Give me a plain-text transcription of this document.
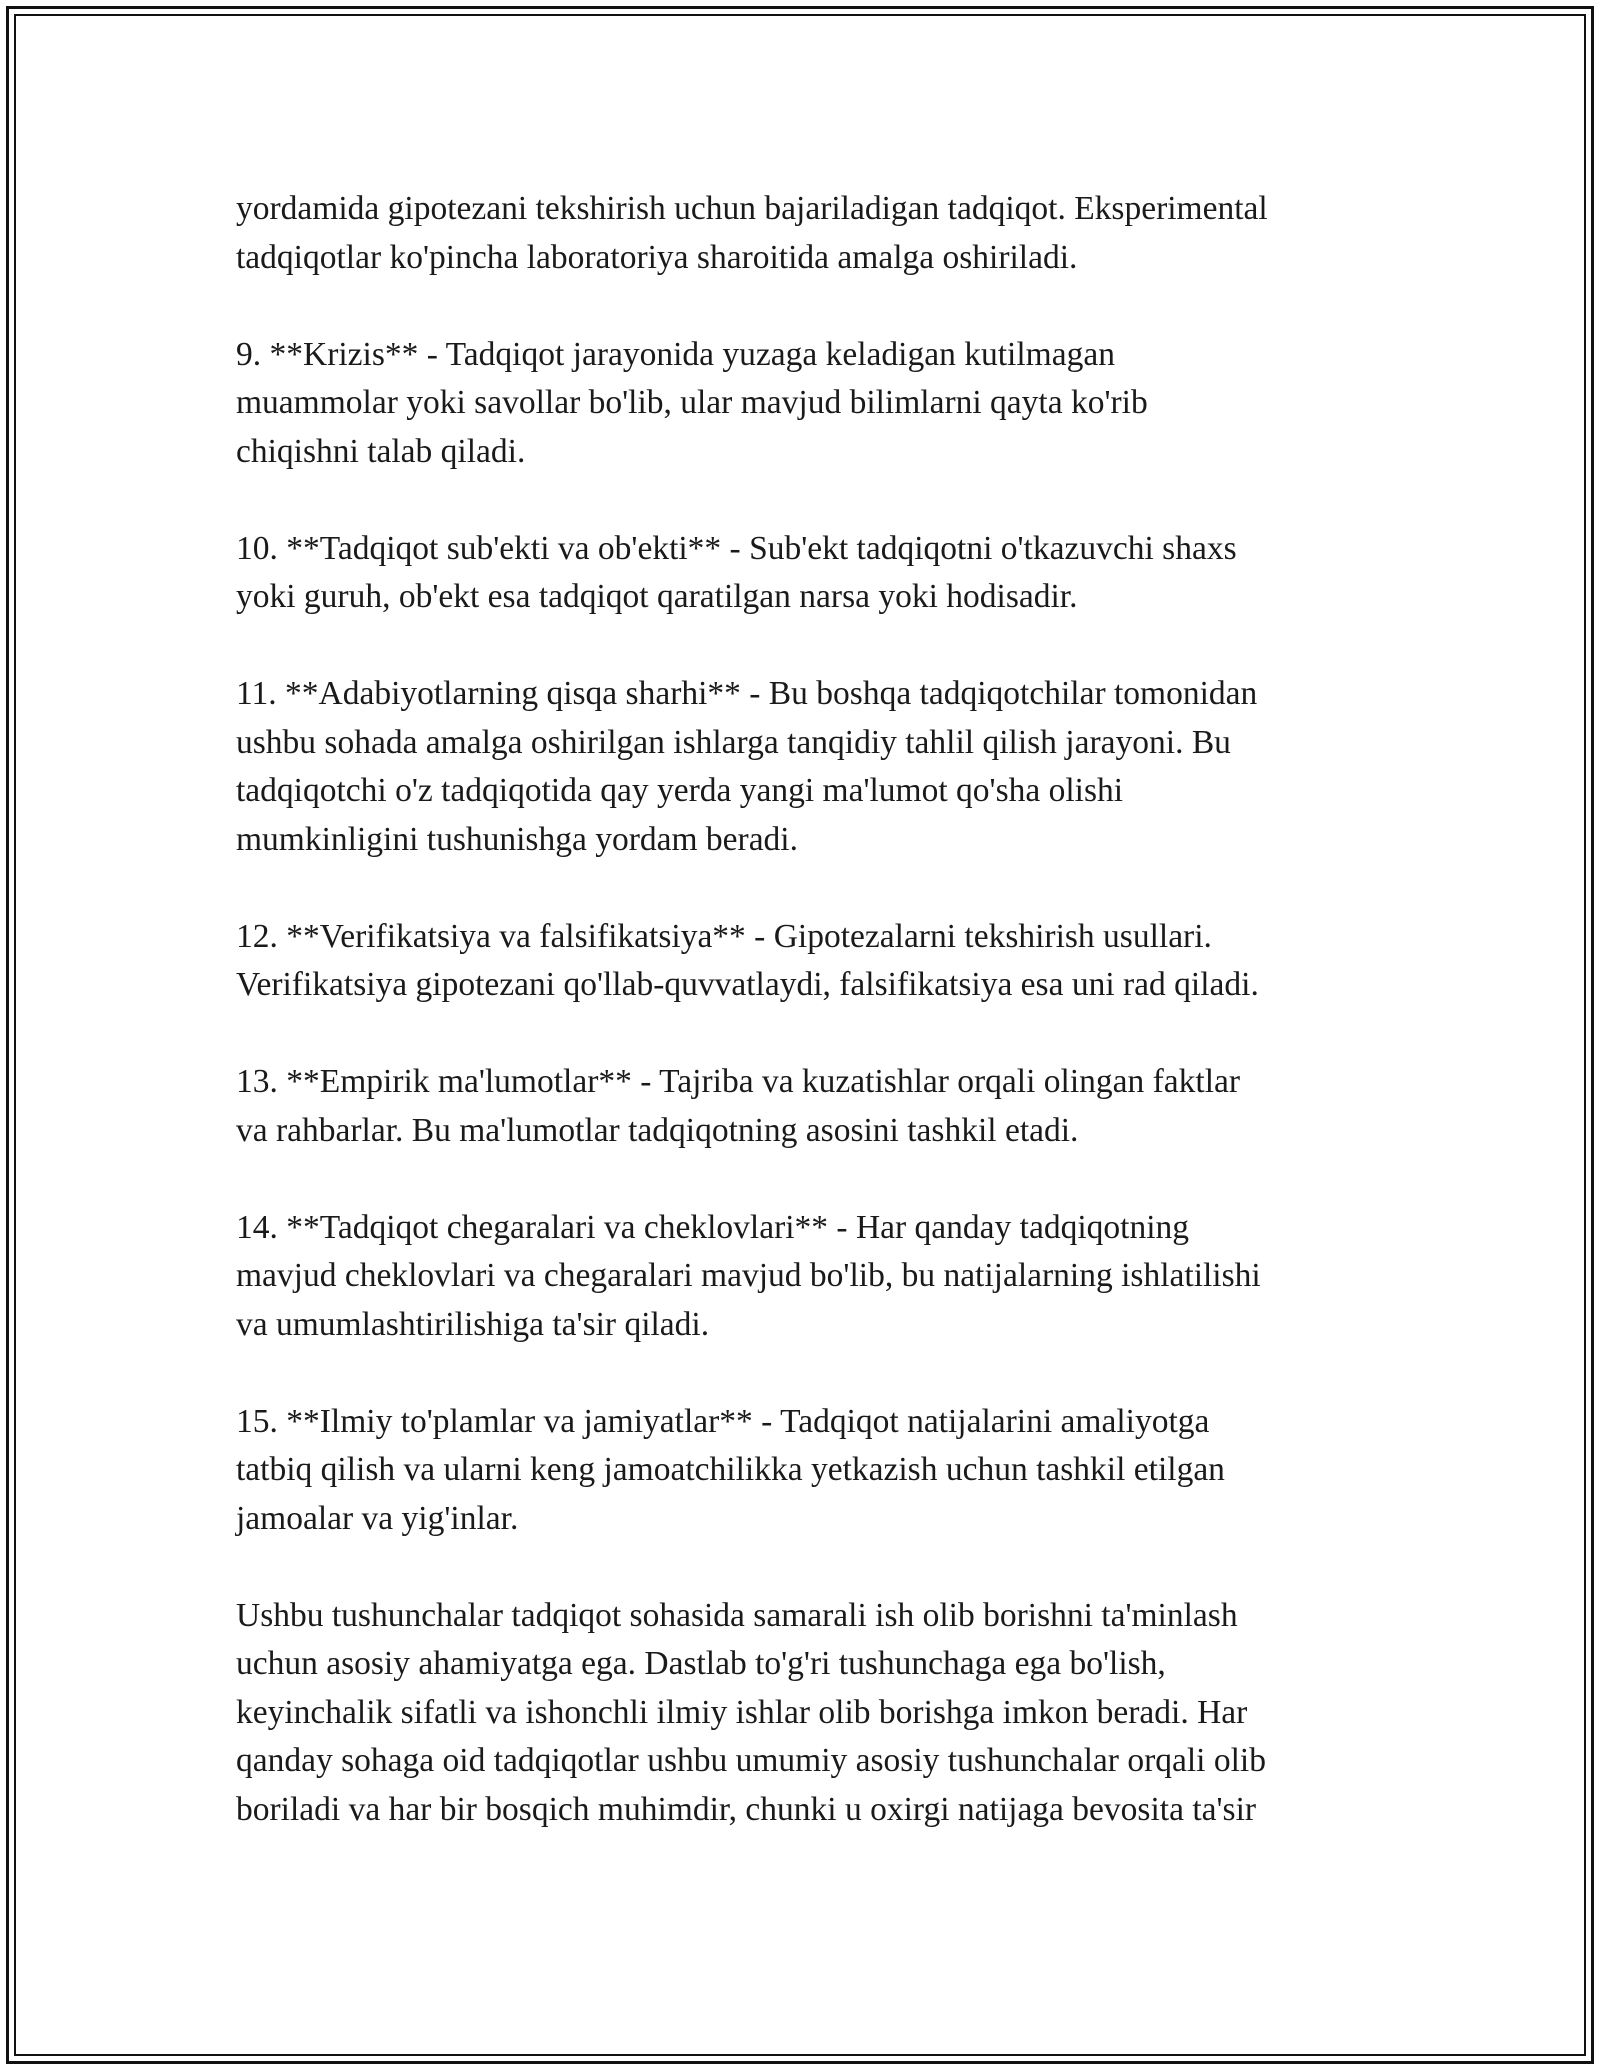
yordamida gipotezani tekshirish uchun bajariladigan tadqiqot. Eksperimental
tadqiqotlar ko'pincha laboratoriya sharoitida amalga oshiriladi.

9. **Krizis** - Tadqiqot jarayonida yuzaga keladigan kutilmagan
muammolar yoki savollar bo'lib, ular mavjud bilimlarni qayta ko'rib
chiqishni talab qiladi.

10. **Tadqiqot sub'ekti va ob'ekti** - Sub'ekt tadqiqotni o'tkazuvchi shaxs
yoki guruh, ob'ekt esa tadqiqot qaratilgan narsa yoki hodisadir.

11. **Adabiyotlarning qisqa sharhi** - Bu boshqa tadqiqotchilar tomonidan
ushbu sohada amalga oshirilgan ishlarga tanqidiy tahlil qilish jarayoni. Bu
tadqiqotchi o'z tadqiqotida qay yerda yangi ma'lumot qo'sha olishi
mumkinligini tushunishga yordam beradi.

12. **Verifikatsiya va falsifikatsiya** - Gipotezalarni tekshirish usullari.
Verifikatsiya gipotezani qo'llab-quvvatlaydi, falsifikatsiya esa uni rad qiladi.

13. **Empirik ma'lumotlar** - Tajriba va kuzatishlar orqali olingan faktlar
va rahbarlar. Bu ma'lumotlar tadqiqotning asosini tashkil etadi.

14. **Tadqiqot chegaralari va cheklovlari** - Har qanday tadqiqotning
mavjud cheklovlari va chegaralari mavjud bo'lib, bu natijalarning ishlatilishi
va umumlashtirilishiga ta'sir qiladi.

15. **Ilmiy to'plamlar va jamiyatlar** - Tadqiqot natijalarini amaliyotga
tatbiq qilish va ularni keng jamoatchilikka yetkazish uchun tashkil etilgan
jamoalar va yig'inlar.

Ushbu tushunchalar tadqiqot sohasida samarali ish olib borishni ta'minlash
uchun asosiy ahamiyatga ega. Dastlab to'g'ri tushunchaga ega bo'lish,
keyinchalik sifatli va ishonchli ilmiy ishlar olib borishga imkon beradi. Har
qanday sohaga oid tadqiqotlar ushbu umumiy asosiy tushunchalar orqali olib
boriladi va har bir bosqich muhimdir, chunki u oxirgi natijaga bevosita ta'sir
